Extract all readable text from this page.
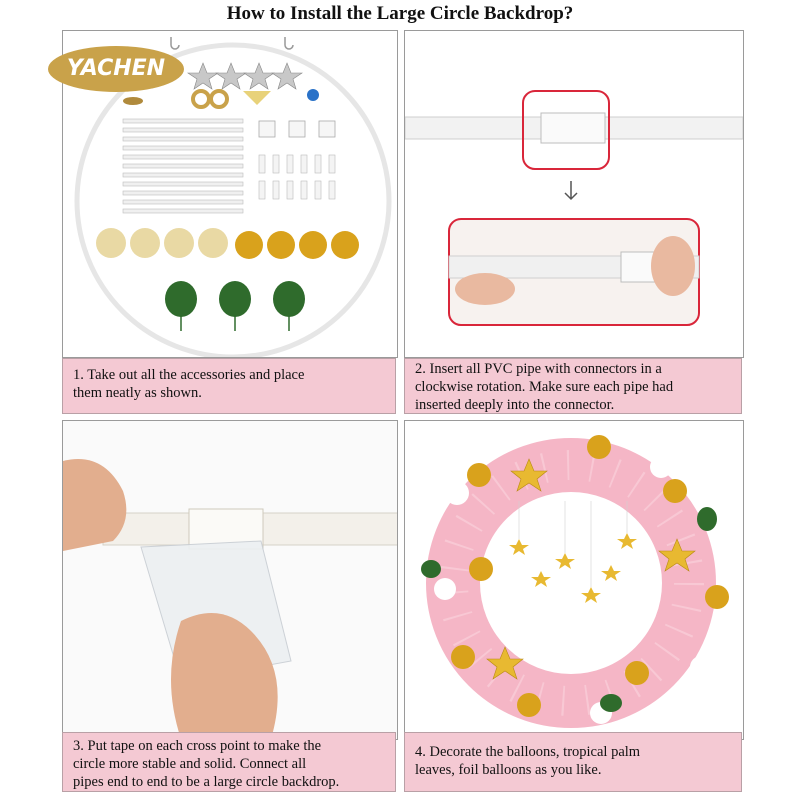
How to Install the Large Circle Backdrop?
YACHEN
1. Take out all the accessories and place
them neatly as shown.
2. Insert all PVC pipe with connectors in a
clockwise rotation. Make sure each pipe had
inserted deeply into the connector.
3. Put tape on each cross point to make the
circle more stable and solid. Connect all
pipes end to end to be a large circle backdrop.
4. Decorate the balloons, tropical palm
leaves, foil balloons as you like.
